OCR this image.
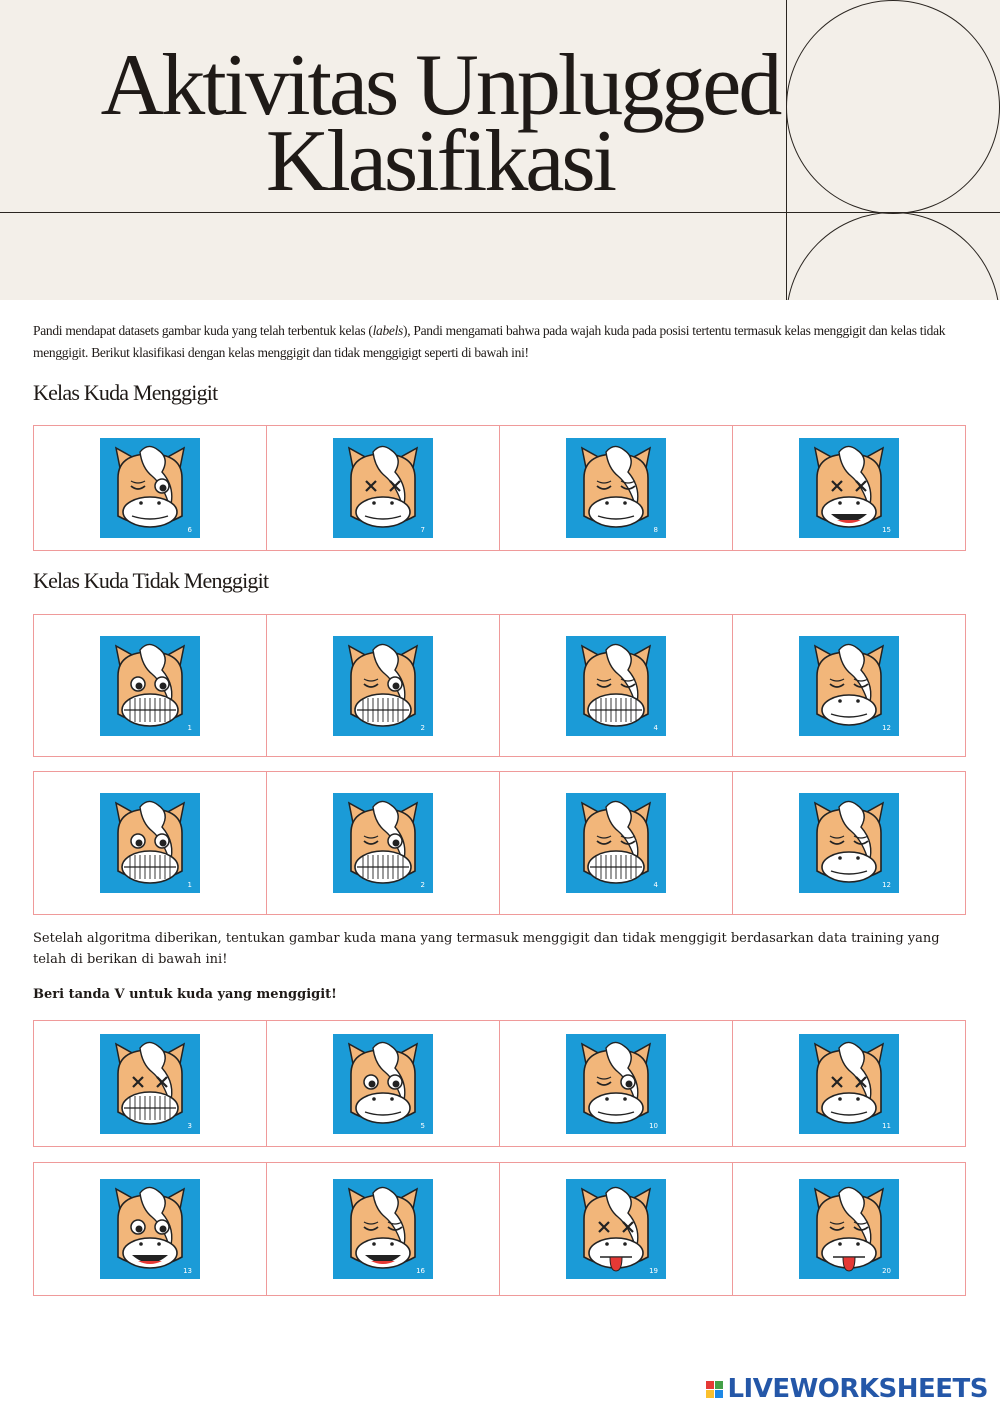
Aktivitas Unplugged
Klasifikasi
Pandi mendapat datasets gambar kuda yang telah terbentuk kelas (labels), Pandi mengamati bahwa pada wajah kuda pada posisi tertentu termasuk kelas menggigit dan kelas tidak menggigit. Berikut klasifikasi dengan kelas menggigit dan tidak menggigigt seperti di bawah ini!
Kelas Kuda Menggigit
6	7	8	15
Kelas Kuda Tidak Menggigit
1	2	4	12
1	2	4	12
Setelah algoritma diberikan, tentukan gambar kuda mana yang termasuk menggigit dan tidak menggigit berdasarkan data training yang telah di berikan di bawah ini!
Beri tanda V untuk kuda yang menggigit!
3	5	10	11
13	16	19	20
LIVEWORKSHEETS
